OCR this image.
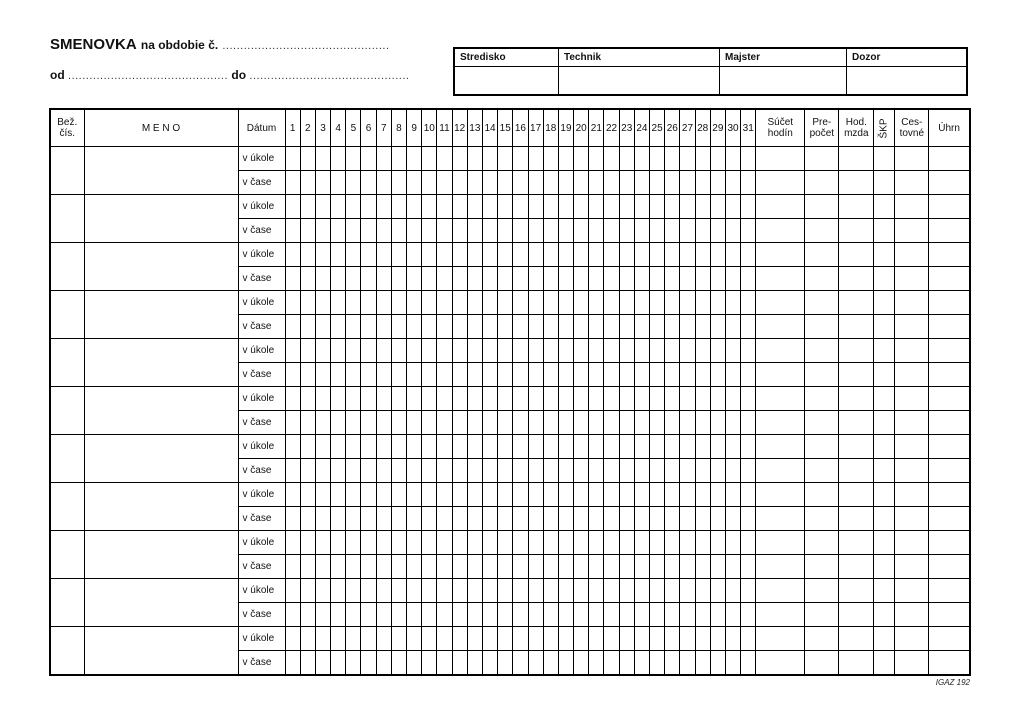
SMENOVKA na obdobie č. ...............................................
od ............................................. do .............................................
Stredisko	Technik	Majster	Dozor
Bež. čís.	M E N O	Dátum	1	2	3	4	5	6	7	8	9	10	11	12	13	14	15	16	17	18	19	20	21	22	23	24	25	26	27	28	29	30	31	Súčet hodín	Pre- počet	Hod. mzda	ŠKP	Ces- tovné	Úhrn
		v úkole																																					
		v čase																																					
		v úkole																																					
		v čase																																					
		v úkole																																					
		v čase																																					
		v úkole																																					
		v čase																																					
		v úkole																																					
		v čase																																					
		v úkole																																					
		v čase																																					
		v úkole																																					
		v čase																																					
		v úkole																																					
		v čase																																					
		v úkole																																					
		v čase																																					
		v úkole																																					
		v čase																																					
		v úkole																																					
		v čase																																					
IGAZ 192
